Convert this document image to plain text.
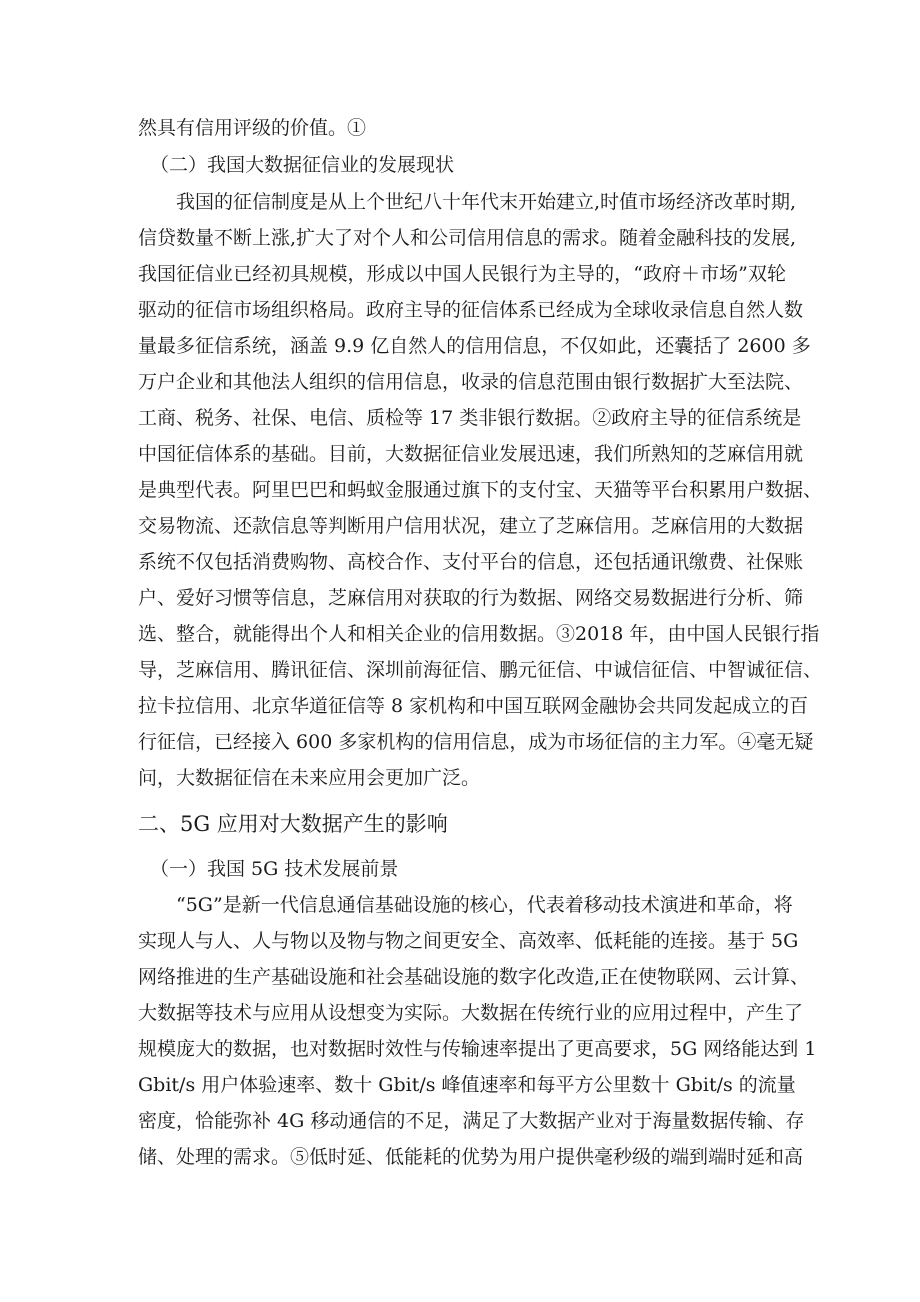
然具有信用评级的价值。①
（二）我国大数据征信业的发展现状
我国的征信制度是从上个世纪八十年代末开始建立,时值市场经济改革时期,
信贷数量不断上涨,扩大了对个人和公司信用信息的需求。随着金融科技的发展,
我国征信业已经初具规模，形成以中国人民银行为主导的，“政府＋市场”双轮
驱动的征信市场组织格局。政府主导的征信体系已经成为全球收录信息自然人数
量最多征信系统，涵盖 9.9 亿自然人的信用信息，不仅如此，还囊括了 2600 多
万户企业和其他法人组织的信用信息，收录的信息范围由银行数据扩大至法院、
工商、税务、社保、电信、质检等 17 类非银行数据。②政府主导的征信系统是
中国征信体系的基础。目前，大数据征信业发展迅速，我们所熟知的芝麻信用就
是典型代表。阿里巴巴和蚂蚁金服通过旗下的支付宝、天猫等平台积累用户数据、
交易物流、还款信息等判断用户信用状况，建立了芝麻信用。芝麻信用的大数据
系统不仅包括消费购物、高校合作、支付平台的信息，还包括通讯缴费、社保账
户、爱好习惯等信息，芝麻信用对获取的行为数据、网络交易数据进行分析、筛
选、整合，就能得出个人和相关企业的信用数据。③2018 年，由中国人民银行指
导，芝麻信用、腾讯征信、深圳前海征信、鹏元征信、中诚信征信、中智诚征信、
拉卡拉信用、北京华道征信等 8 家机构和中国互联网金融协会共同发起成立的百
行征信，已经接入 600 多家机构的信用信息，成为市场征信的主力军。④毫无疑
问，大数据征信在未来应用会更加广泛。
二、5G 应用对大数据产生的影响
（一）我国 5G 技术发展前景
“5G”是新一代信息通信基础设施的核心，代表着移动技术演进和革命，将
实现人与人、人与物以及物与物之间更安全、高效率、低耗能的连接。基于 5G
网络推进的生产基础设施和社会基础设施的数字化改造,正在使物联网、云计算、
大数据等技术与应用从设想变为实际。大数据在传统行业的应用过程中，产生了
规模庞大的数据，也对数据时效性与传输速率提出了更高要求，5G 网络能达到 1
Gbit/s 用户体验速率、数十 Gbit/s 峰值速率和每平方公里数十 Gbit/s 的流量
密度，恰能弥补 4G 移动通信的不足，满足了大数据产业对于海量数据传输、存
储、处理的需求。⑤低时延、低能耗的优势为用户提供毫秒级的端到端时延和高
